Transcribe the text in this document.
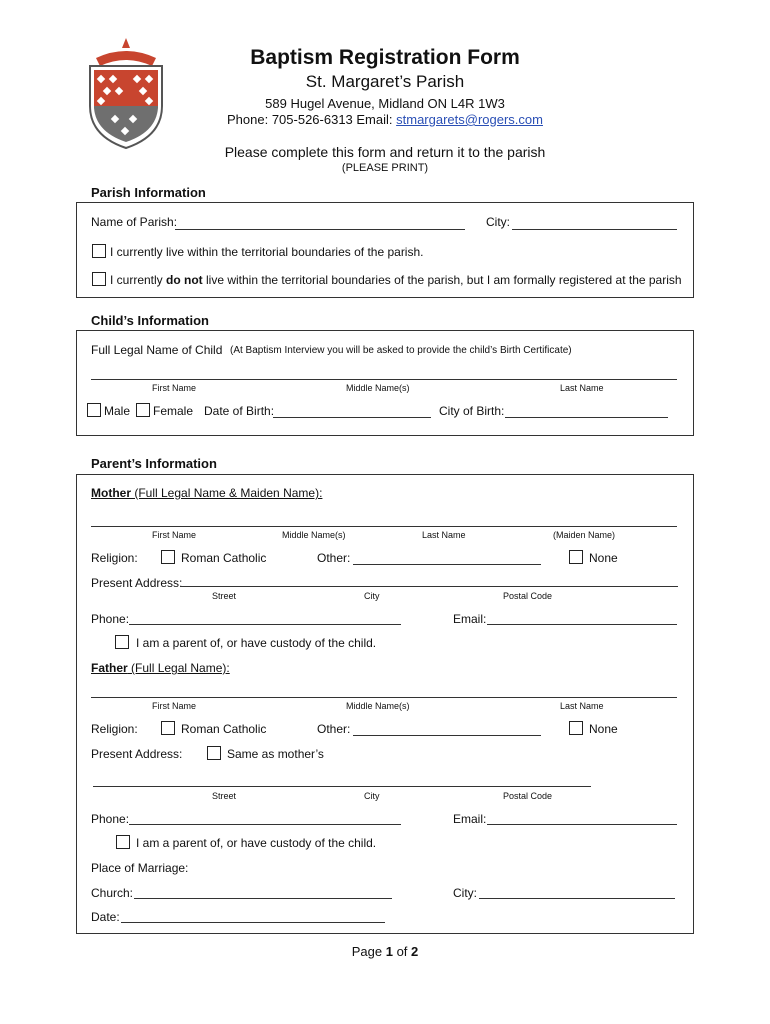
Baptism Registration Form
St. Margaret’s Parish
589 Hugel Avenue, Midland ON L4R 1W3
Phone: 705-526-6313 Email: stmargarets@rogers.com
Please complete this form and return it to the parish
(PLEASE PRINT)
Parish Information
Name of Parish:	City:
I currently live within the territorial boundaries of the parish.
I currently do not live within the territorial boundaries of the parish, but I am formally registered at the parish
Child’s Information
Full Legal Name of Child (At Baptism Interview you will be asked to provide the child’s Birth Certificate)
First Name	Middle Name(s)	Last Name
Male Female Date of Birth:	City of Birth:
Parent’s Information
Mother (Full Legal Name & Maiden Name):
First Name	Middle Name(s)	Last Name	(Maiden Name)
Religion:	Roman Catholic	Other:	None
Present Address:
Street	City	Postal Code
Phone:	Email:
I am a parent of, or have custody of the child.
Father (Full Legal Name):
First Name	Middle Name(s)	Last Name
Religion:	Roman Catholic	Other:	None
Present Address:	Same as mother’s
Street	City	Postal Code
Phone:	Email:
I am a parent of, or have custody of the child.
Place of Marriage:
Church:	City:
Date:
Page 1 of 2
